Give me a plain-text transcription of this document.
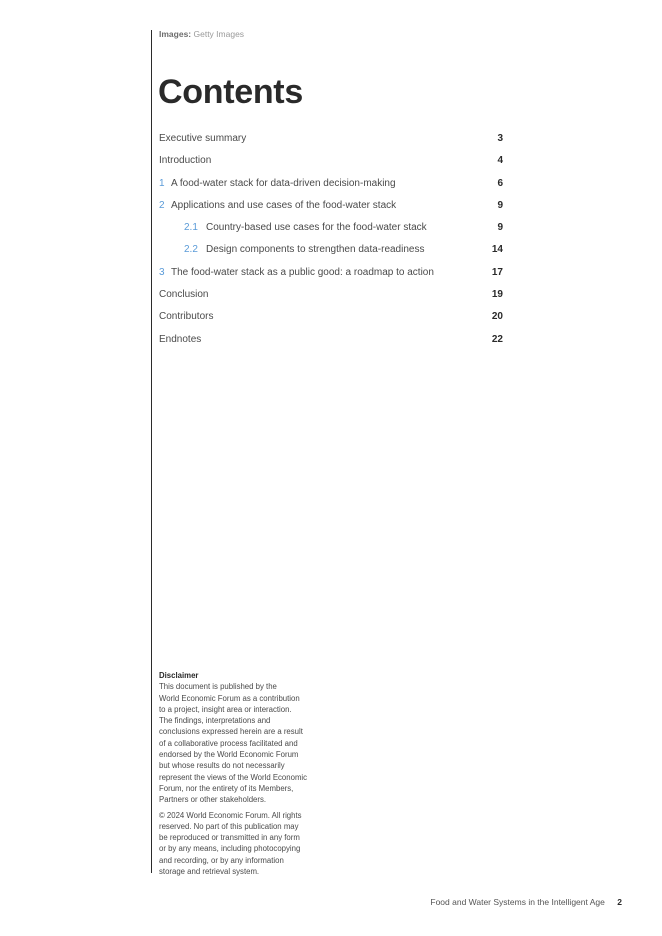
Images: Getty Images
Contents
Executive summary	3
Introduction	4
1 A food-water stack for data-driven decision-making	6
2 Applications and use cases of the food-water stack	9
2.1 Country-based use cases for the food-water stack	9
2.2 Design components to strengthen data-readiness	14
3 The food-water stack as a public good: a roadmap to action	17
Conclusion	19
Contributors	20
Endnotes	22

Disclaimer

This document is published by the
World Economic Forum as a contribution
to a project, insight area or interaction.
The findings, interpretations and
conclusions expressed herein are a result
of a collaborative process facilitated and
endorsed by the World Economic Forum
but whose results do not necessarily
represent the views of the World Economic
Forum, nor the entirety of its Members,
Partners or other stakeholders.

© 2024 World Economic Forum. All rights
reserved. No part of this publication may
be reproduced or transmitted in any form
or by any means, including photocopying
and recording, or by any information
storage and retrieval system.

Food and Water Systems in the Intelligent Age 2
